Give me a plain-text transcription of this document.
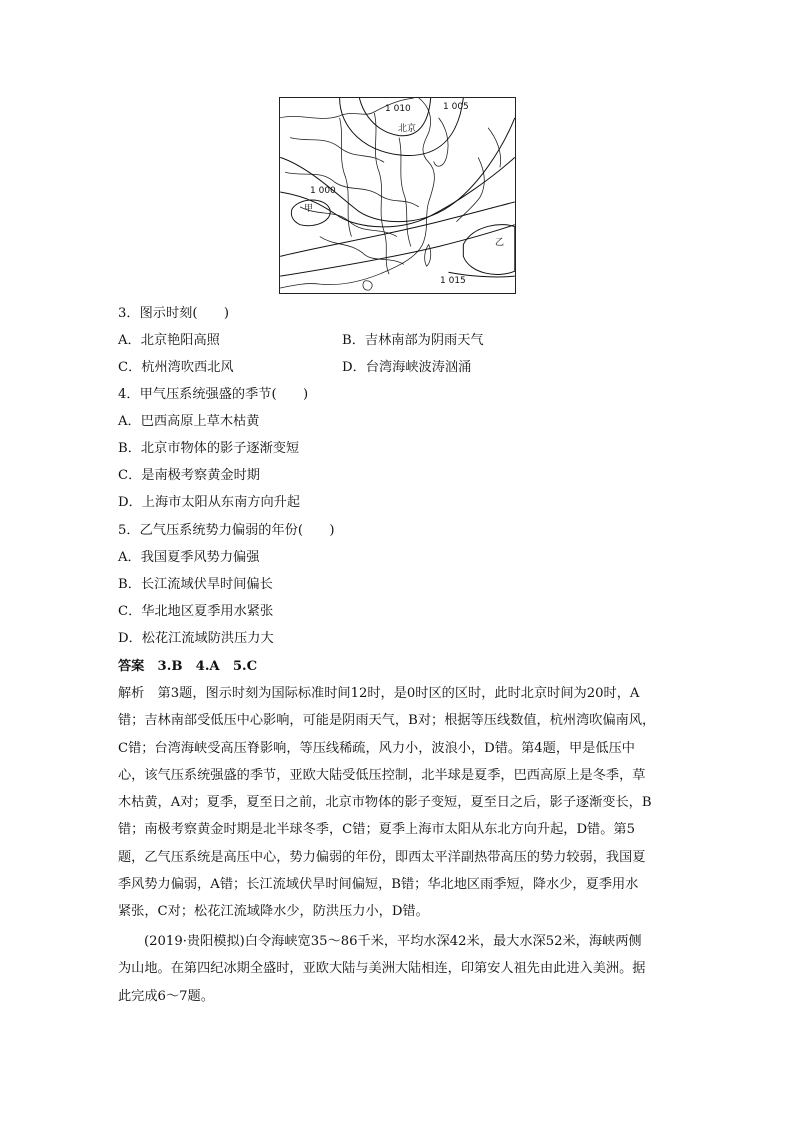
1 010	1 005
北京
1 000
甲
乙
1 015
3．图示时刻(　　)
A．北京艳阳高照	B．吉林南部为阴雨天气
C．杭州湾吹西北风	D．台湾海峡波涛汹涌
4．甲气压系统强盛的季节(　　)
A．巴西高原上草木枯黄
B．北京市物体的影子逐渐变短
C．是南极考察黄金时期
D．上海市太阳从东南方向升起
5．乙气压系统势力偏弱的年份(　　)
A．我国夏季风势力偏强
B．长江流域伏旱时间偏长
C．华北地区夏季用水紧张
D．松花江流域防洪压力大
答案　3.B　4.A　5.C
解析　第3题，图示时刻为国际标准时间12时，是0时区的区时，此时北京时间为20时，A
错；吉林南部受低压中心影响，可能是阴雨天气，B对；根据等压线数值，杭州湾吹偏南风，
C错；台湾海峡受高压脊影响，等压线稀疏，风力小，波浪小，D错。第4题，甲是低压中
心，该气压系统强盛的季节，亚欧大陆受低压控制，北半球是夏季，巴西高原上是冬季，草
木枯黄，A对；夏季，夏至日之前，北京市物体的影子变短，夏至日之后，影子逐渐变长，B
错；南极考察黄金时期是北半球冬季，C错；夏季上海市太阳从东北方向升起，D错。第5
题，乙气压系统是高压中心，势力偏弱的年份，即西太平洋副热带高压的势力较弱，我国夏
季风势力偏弱，A错；长江流域伏旱时间偏短，B错；华北地区雨季短，降水少，夏季用水
紧张，C对；松花江流域降水少，防洪压力小，D错。
(2019·贵阳模拟)白令海峡宽35～86千米，平均水深42米，最大水深52米，海峡两侧
为山地。在第四纪冰期全盛时，亚欧大陆与美洲大陆相连，印第安人祖先由此进入美洲。据
此完成6～7题。
